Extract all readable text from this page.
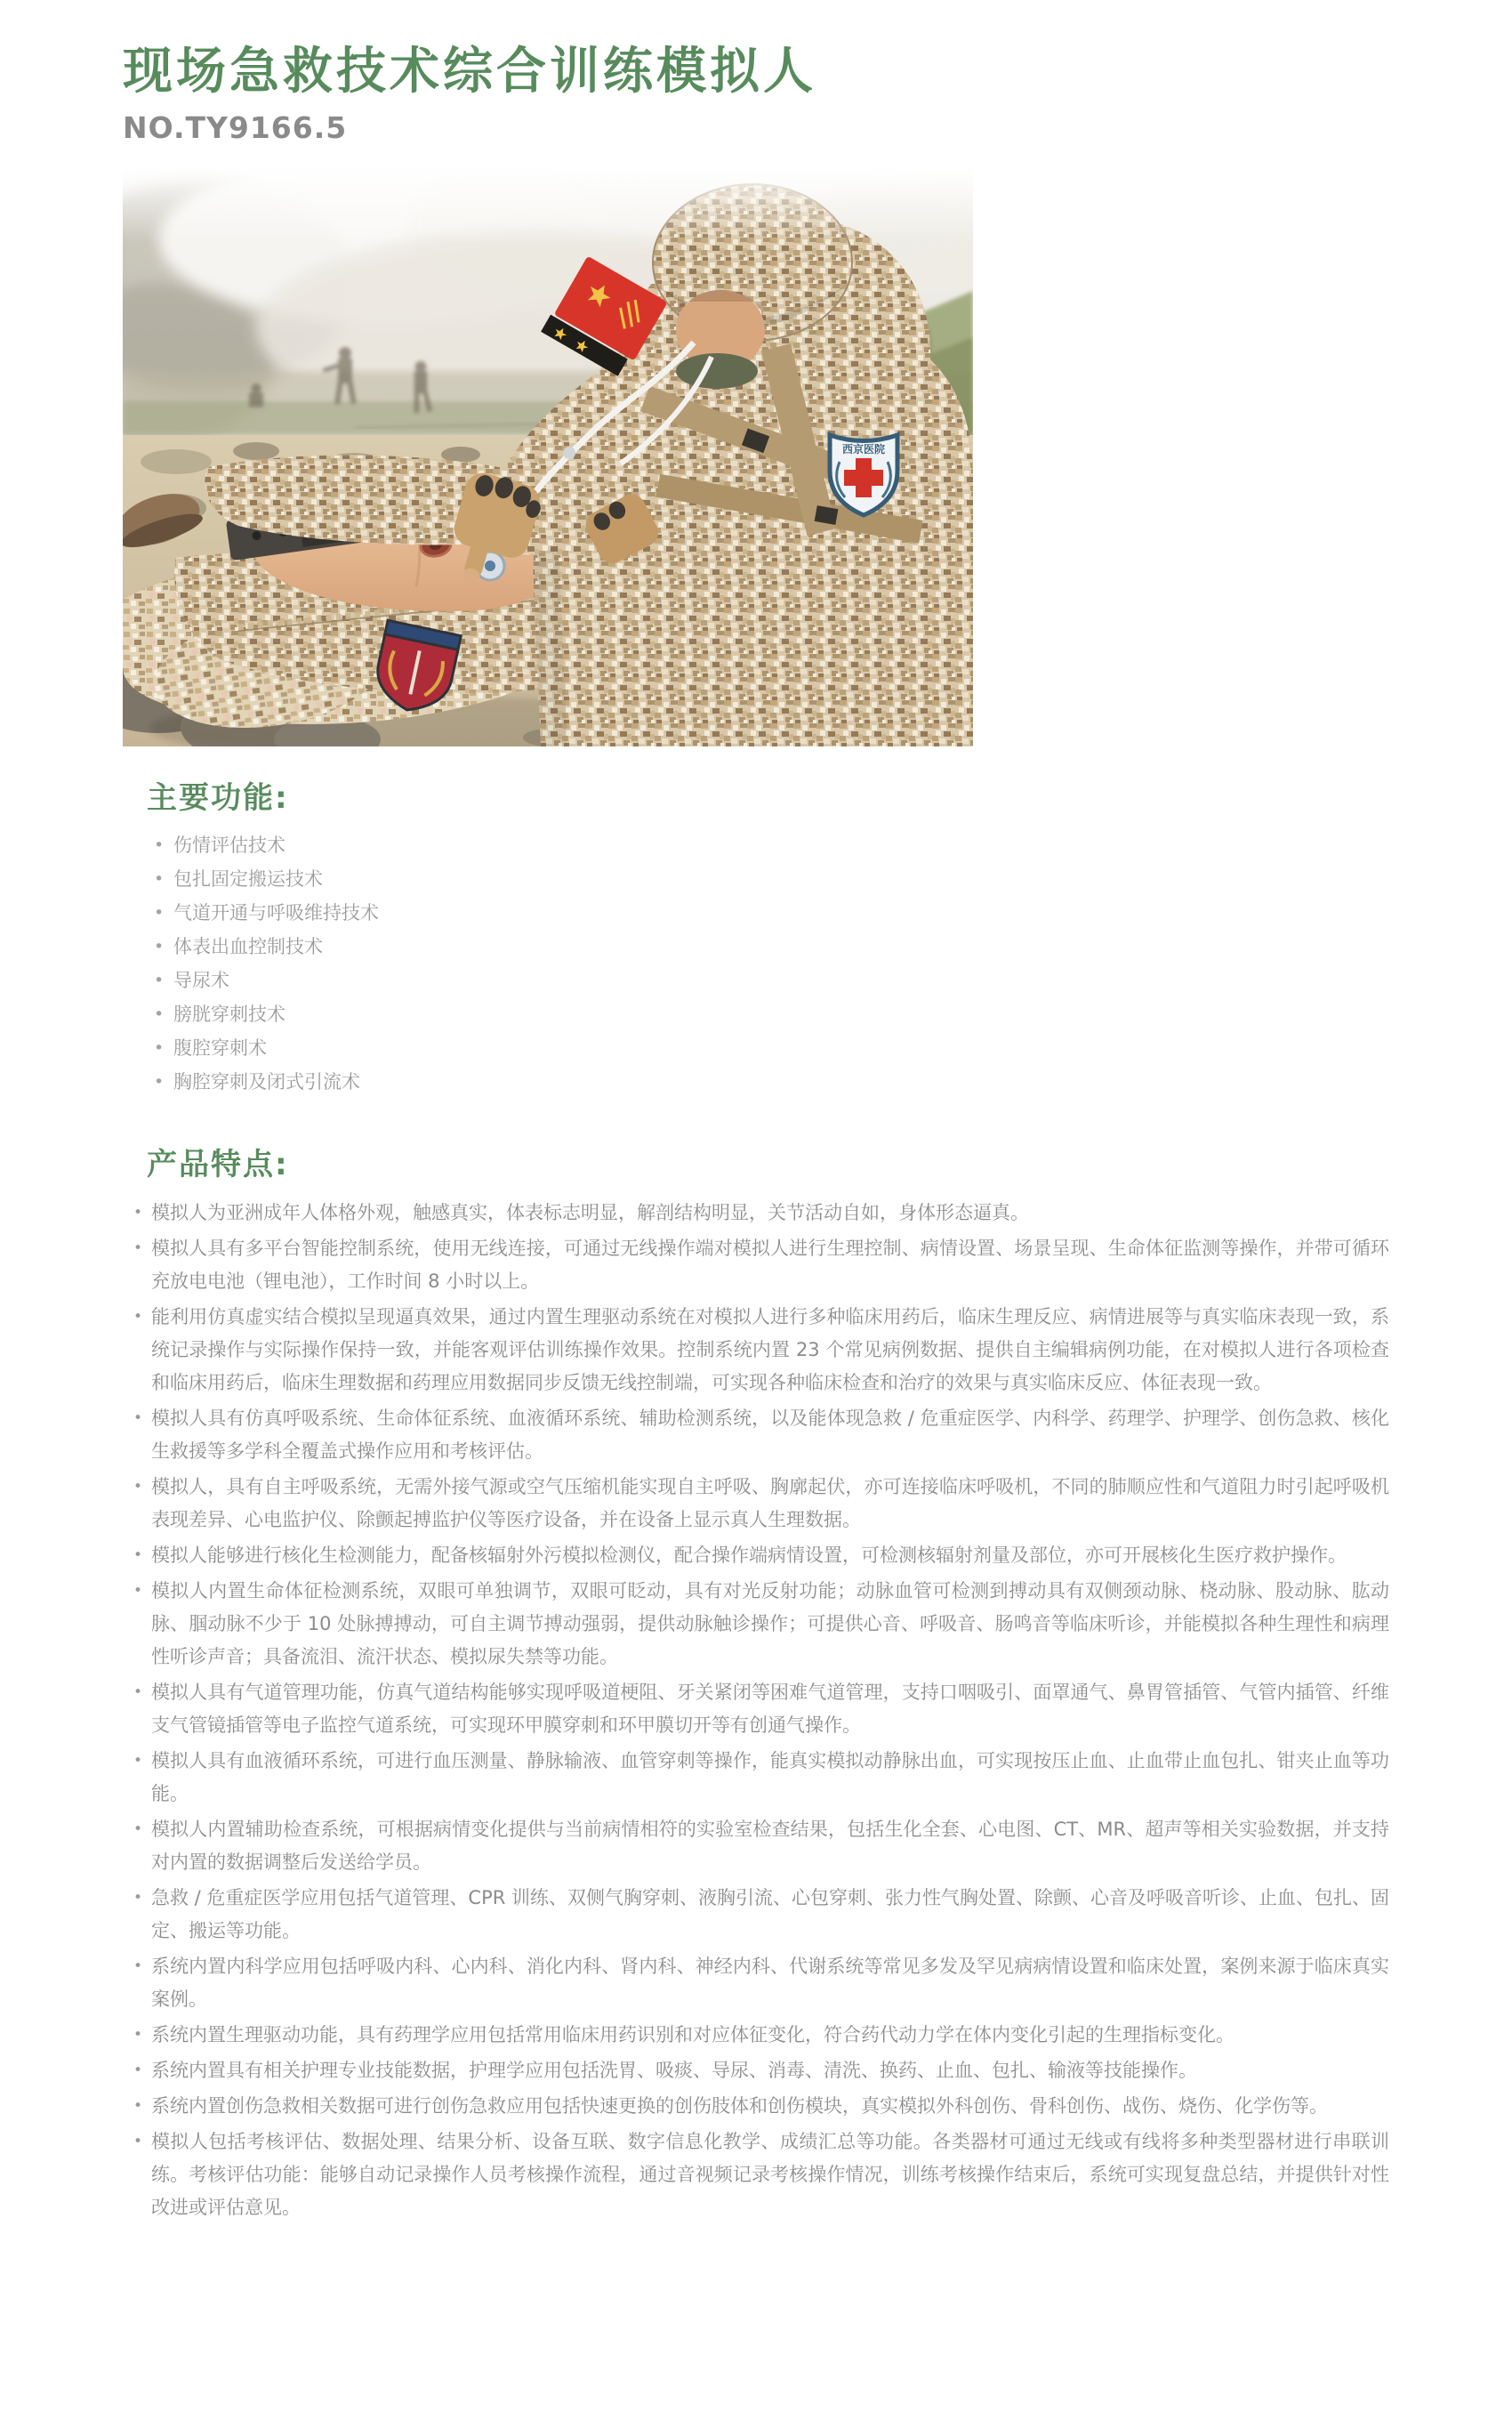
现场急救技术综合训练模拟人
NO.TY9166.5
西京医院
主要功能:
• 伤情评估技术
• 包扎固定搬运技术
• 气道开通与呼吸维持技术
• 体表出血控制技术
• 导尿术
• 膀胱穿刺技术
• 腹腔穿刺术
• 胸腔穿刺及闭式引流术
产品特点:
• 模拟人为亚洲成年人体格外观，触感真实，体表标志明显，解剖结构明显，关节活动自如，身体形态逼真。
• 模拟人具有多平台智能控制系统，使用无线连接，可通过无线操作端对模拟人进行生理控制、病情设置、场景呈现、生命体征监测等操作，并带可循环充放电电池（锂电池），工作时间 8 小时以上。
• 能利用仿真虚实结合模拟呈现逼真效果，通过内置生理驱动系统在对模拟人进行多种临床用药后，临床生理反应、病情进展等与真实临床表现一致，系统记录操作与实际操作保持一致，并能客观评估训练操作效果。控制系统内置 23 个常见病例数据、提供自主编辑病例功能，在对模拟人进行各项检查和临床用药后，临床生理数据和药理应用数据同步反馈无线控制端，可实现各种临床检查和治疗的效果与真实临床反应、体征表现一致。
• 模拟人具有仿真呼吸系统、生命体征系统、血液循环系统、辅助检测系统，以及能体现急救 / 危重症医学、内科学、药理学、护理学、创伤急救、核化生救援等多学科全覆盖式操作应用和考核评估。
• 模拟人，具有自主呼吸系统，无需外接气源或空气压缩机能实现自主呼吸、胸廓起伏，亦可连接临床呼吸机，不同的肺顺应性和气道阻力时引起呼吸机表现差异、心电监护仪、除颤起搏监护仪等医疗设备，并在设备上显示真人生理数据。
• 模拟人能够进行核化生检测能力，配备核辐射外污模拟检测仪，配合操作端病情设置，可检测核辐射剂量及部位，亦可开展核化生医疗救护操作。
• 模拟人内置生命体征检测系统，双眼可单独调节，双眼可眨动，具有对光反射功能；动脉血管可检测到搏动具有双侧颈动脉、桡动脉、股动脉、肱动脉、腘动脉不少于 10 处脉搏搏动，可自主调节搏动强弱，提供动脉触诊操作；可提供心音、呼吸音、肠鸣音等临床听诊，并能模拟各种生理性和病理性听诊声音；具备流泪、流汗状态、模拟尿失禁等功能。
• 模拟人具有气道管理功能，仿真气道结构能够实现呼吸道梗阻、牙关紧闭等困难气道管理，支持口咽吸引、面罩通气、鼻胃管插管、气管内插管、纤维支气管镜插管等电子监控气道系统，可实现环甲膜穿刺和环甲膜切开等有创通气操作。
• 模拟人具有血液循环系统，可进行血压测量、静脉输液、血管穿刺等操作，能真实模拟动静脉出血，可实现按压止血、止血带止血包扎、钳夹止血等功能。
• 模拟人内置辅助检查系统，可根据病情变化提供与当前病情相符的实验室检查结果，包括生化全套、心电图、CT、MR、超声等相关实验数据，并支持对内置的数据调整后发送给学员。
• 急救 / 危重症医学应用包括气道管理、CPR 训练、双侧气胸穿刺、液胸引流、心包穿刺、张力性气胸处置、除颤、心音及呼吸音听诊、止血、包扎、固定、搬运等功能。
• 系统内置内科学应用包括呼吸内科、心内科、消化内科、肾内科、神经内科、代谢系统等常见多发及罕见病病情设置和临床处置，案例来源于临床真实案例。
• 系统内置生理驱动功能，具有药理学应用包括常用临床用药识别和对应体征变化，符合药代动力学在体内变化引起的生理指标变化。
• 系统内置具有相关护理专业技能数据，护理学应用包括洗胃、吸痰、导尿、消毒、清洗、换药、止血、包扎、输液等技能操作。
• 系统内置创伤急救相关数据可进行创伤急救应用包括快速更换的创伤肢体和创伤模块，真实模拟外科创伤、骨科创伤、战伤、烧伤、化学伤等。
• 模拟人包括考核评估、数据处理、结果分析、设备互联、数字信息化教学、成绩汇总等功能。各类器材可通过无线或有线将多种类型器材进行串联训练。考核评估功能：能够自动记录操作人员考核操作流程，通过音视频记录考核操作情况，训练考核操作结束后，系统可实现复盘总结，并提供针对性改进或评估意见。
